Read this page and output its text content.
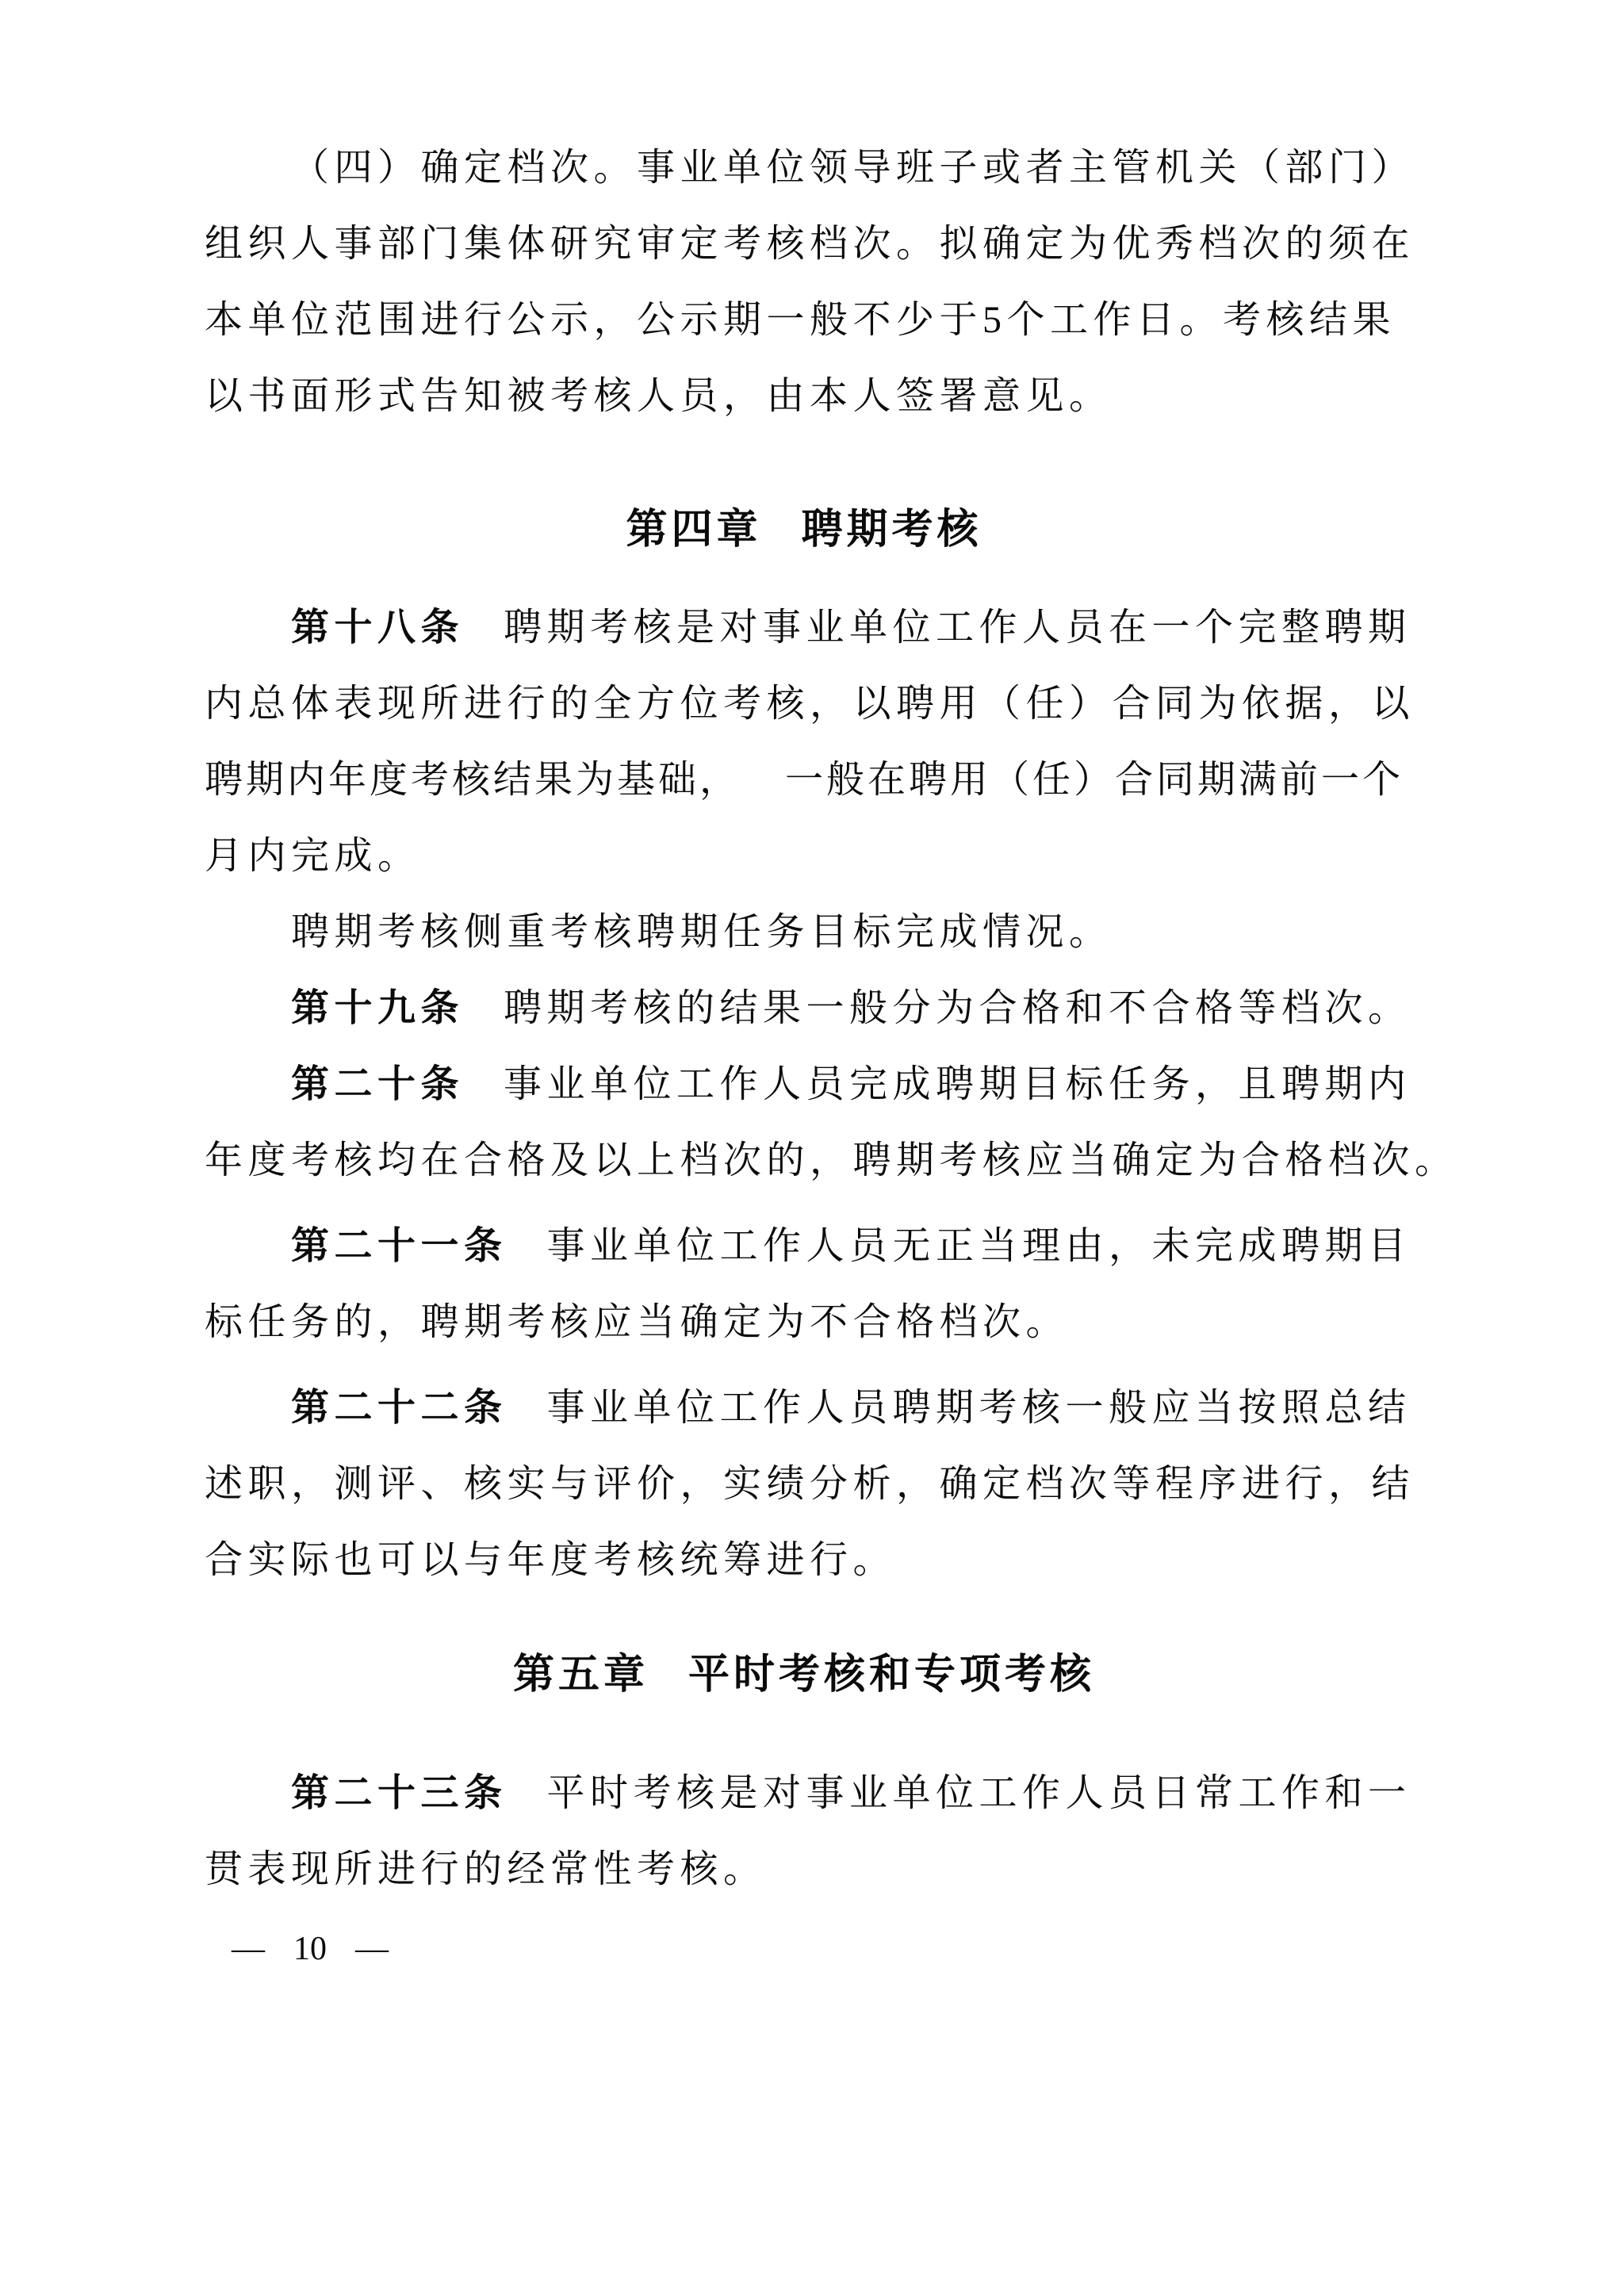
（四）确定档次。事业单位领导班子或者主管机关（部门）
组织人事部门集体研究审定考核档次。拟确定为优秀档次的须在
本单位范围进行公示，公示期一般不少于5个工作日。考核结果
以书面形式告知被考核人员，由本人签署意见。
第四章 聘期考核
第十八条 聘期考核是对事业单位工作人员在一个完整聘期
内总体表现所进行的全方位考核，以聘用（任）合同为依据，以
聘期内年度考核结果为基础， 一般在聘用（任）合同期满前一个
月内完成。
聘期考核侧重考核聘期任务目标完成情况。
第十九条 聘期考核的结果一般分为合格和不合格等档次。
第二十条 事业单位工作人员完成聘期目标任务，且聘期内
年度考核均在合格及以上档次的，聘期考核应当确定为合格档次。
第二十一条 事业单位工作人员无正当理由，未完成聘期目
标任务的，聘期考核应当确定为不合格档次。
第二十二条 事业单位工作人员聘期考核一般应当按照总结
述职，测评、核实与评价，实绩分析，确定档次等程序进行，结
合实际也可以与年度考核统筹进行。
第五章 平时考核和专项考核
第二十三条 平时考核是对事业单位工作人员日常工作和一
贯表现所进行的经常性考核。
— 10 —
